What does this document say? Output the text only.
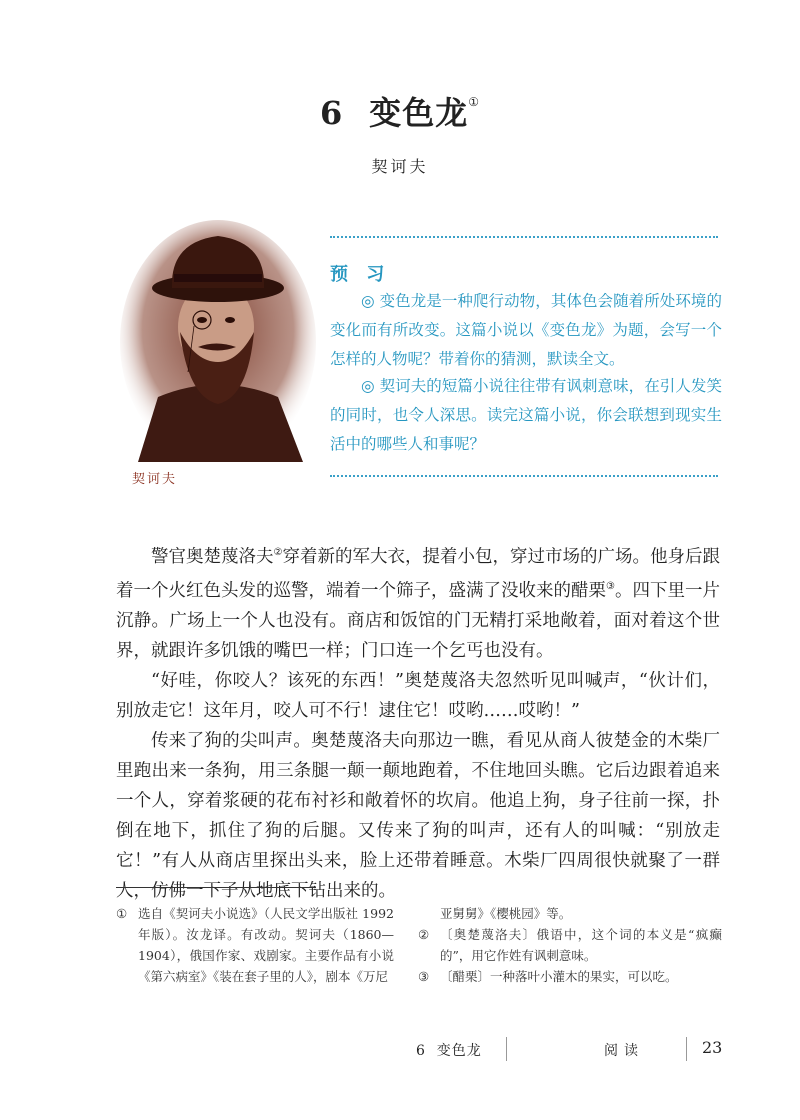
6 变色龙①
契诃夫
契诃夫
预 习
◎ 变色龙是一种爬行动物，其体色会随着所处环境的变化而有所改变。这篇小说以《变色龙》为题，会写一个怎样的人物呢？带着你的猜测，默读全文。
◎ 契诃夫的短篇小说往往带有讽刺意味，在引人发笑的同时，也令人深思。读完这篇小说，你会联想到现实生活中的哪些人和事呢？

警官奥楚蔑洛夫②穿着新的军大衣，提着小包，穿过市场的广场。他身后跟着一个火红色头发的巡警，端着一个筛子，盛满了没收来的醋栗③。四下里一片沉静。广场上一个人也没有。商店和饭馆的门无精打采地敞着，面对着这个世界，就跟许多饥饿的嘴巴一样；门口连一个乞丐也没有。

“好哇，你咬人？该死的东西！”奥楚蔑洛夫忽然听见叫喊声，“伙计们，别放走它！这年月，咬人可不行！逮住它！哎哟……哎哟！”

传来了狗的尖叫声。奥楚蔑洛夫向那边一瞧，看见从商人彼楚金的木柴厂里跑出来一条狗，用三条腿一颠一颠地跑着，不住地回头瞧。它后边跟着追来一个人，穿着浆硬的花布衬衫和敞着怀的坎肩。他追上狗，身子往前一探，扑倒在地下，抓住了狗的后腿。又传来了狗的叫声，还有人的叫喊：“别放走它！”有人从商店里探出头来，脸上还带着睡意。木柴厂四周很快就聚了一群人，仿佛一下子从地底下钻出来的。

① 选自《契诃夫小说选》（人民文学出版社 1992 年版）。汝龙译。有改动。契诃夫（1860—1904），俄国作家、戏剧家。主要作品有小说《第六病室》《装在套子里的人》，剧本《万尼
亚舅舅》《樱桃园》等。
② 〔奥楚蔑洛夫〕俄语中，这个词的本义是“疯癫的”，用它作姓有讽刺意味。
③ 〔醋栗〕一种落叶小灌木的果实，可以吃。
6  变色龙	阅读	23
